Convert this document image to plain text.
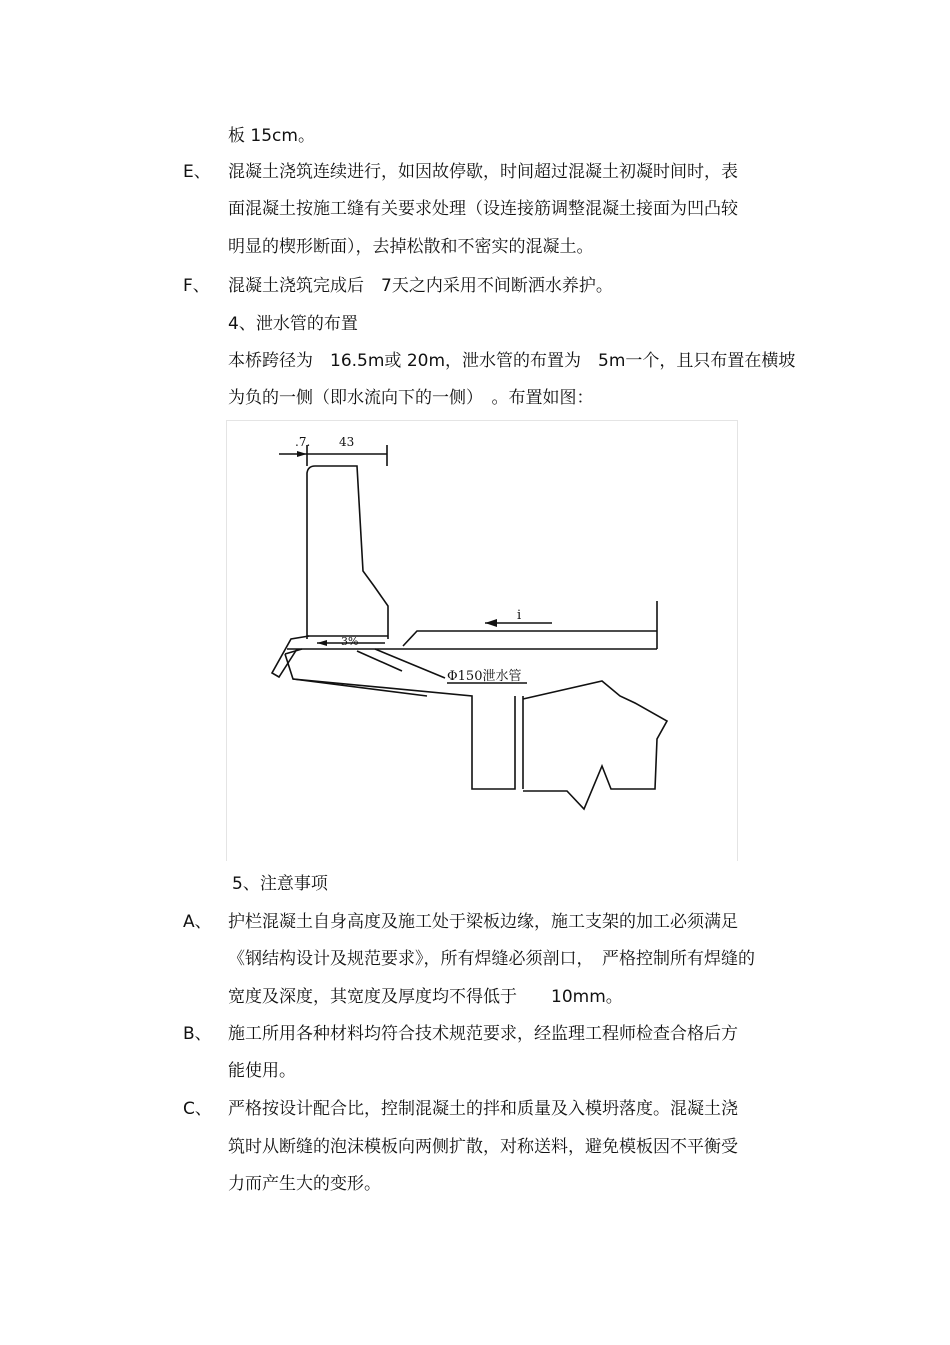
板 15cm。
E、 混凝土浇筑连续进行，如因故停歇，时间超过混凝土初凝时间时，表
面混凝土按施工缝有关要求处理（设连接筋调整混凝土接面为凹凸较
明显的楔形断面），去掉松散和不密实的混凝土。
F、 混凝土浇筑完成后　7天之内采用不间断洒水养护。
4、泄水管的布置
本桥跨径为　16.5m或 20m，泄水管的布置为　5m一个，且只布置在横坡
为负的一侧（即水流向下的一侧）　。布置如图：
.7. 43
3%
i
Φ150泄水管
5、注意事项
A、 护栏混凝土自身高度及施工处于梁板边缘，施工支架的加工必须满足
《钢结构设计及规范要求》，所有焊缝必须剖口，　严格控制所有焊缝的
宽度及深度，其宽度及厚度均不得低于　　10mm。
B、 施工所用各种材料均符合技术规范要求，经监理工程师检查合格后方
能使用。
C、 严格按设计配合比，控制混凝土的拌和质量及入模坍落度。混凝土浇
筑时从断缝的泡沫模板向两侧扩散，对称送料，避免模板因不平衡受
力而产生大的变形。
